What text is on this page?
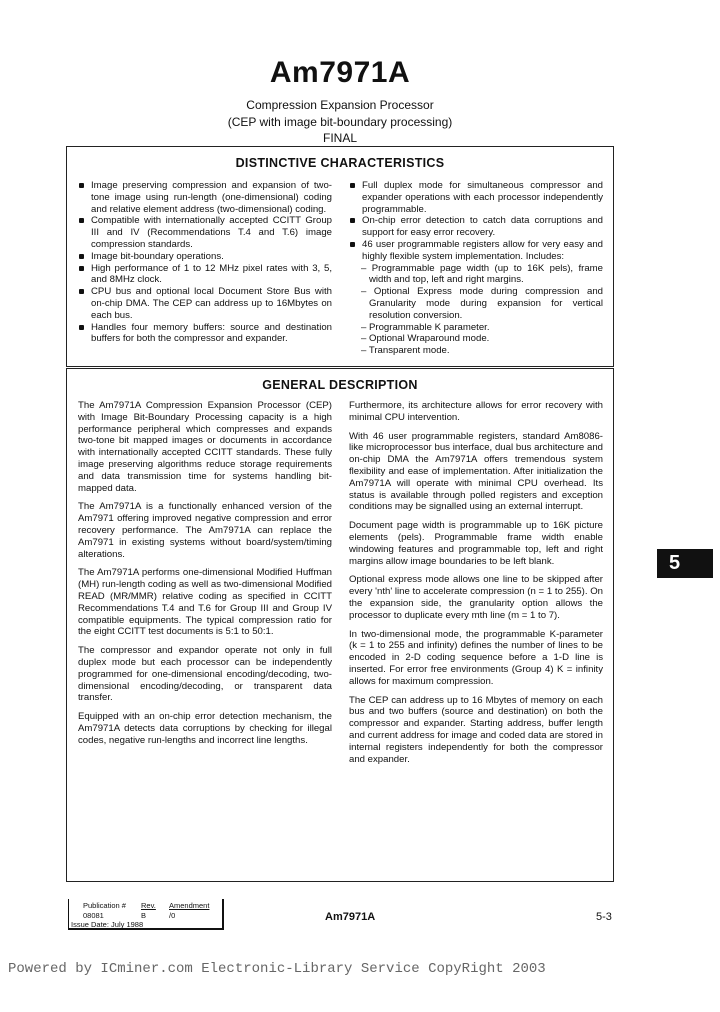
Am7971A
Compression Expansion Processor
(CEP with image bit-boundary processing)
FINAL
DISTINCTIVE CHARACTERISTICS
Image preserving compression and expansion of two-tone image using run-length (one-dimensional) coding and relative element address (two-dimensional) coding.
Compatible with internationally accepted CCITT Group III and IV (Recommendations T.4 and T.6) image compression standards.
Image bit-boundary operations.
High performance of 1 to 12 MHz pixel rates with 3, 5, and 8MHz clock.
CPU bus and optional local Document Store Bus with on-chip DMA. The CEP can address up to 16Mbytes on each bus.
Handles four memory buffers: source and destination buffers for both the compressor and expander.
Full duplex mode for simultaneous compressor and expander operations with each processor independently programmable.
On-chip error detection to catch data corruptions and support for easy error recovery.
46 user programmable registers allow for very easy and highly flexible system implementation. Includes:
– Programmable page width (up to 16K pels), frame width and top, left and right margins.
– Optional Express mode during compression and Granularity mode during expansion for vertical resolution conversion.
– Programmable K parameter.
– Optional Wraparound mode.
– Transparent mode.
GENERAL DESCRIPTION

The Am7971A Compression Expansion Processor (CEP) with Image Bit-Boundary Processing capacity is a high performance peripheral which compresses and expands two-tone bit mapped images or documents in accordance with internationally accepted CCITT standards. These fully image preserving algorithms reduce storage requirements and data transmission time for systems handling bit-mapped data.

The Am7971A is a functionally enhanced version of the Am7971 offering improved negative compression and error recovery performance. The Am7971A can replace the Am7971 in existing systems without board/system/timing alterations.

The Am7971A performs one-dimensional Modified Huffman (MH) run-length coding as well as two-dimensional Modified READ (MR/MMR) relative coding as specified in CCITT Recommendations T.4 and T.6 for Group III and Group IV compatible equipments. The typical compression ratio for the eight CCITT test documents is 5:1 to 50:1.

The compressor and expandor operate not only in full duplex mode but each processor can be independently programmed for one-dimensional encoding/decoding, two-dimensional encoding/decoding, or transparent data transfer.

Equipped with an on-chip error detection mechanism, the Am7971A detects data corruptions by checking for illegal codes, negative run-lengths and incorrect line lengths.

Furthermore, its architecture allows for error recovery with minimal CPU intervention.

With 46 user programmable registers, standard Am8086-like microprocessor bus interface, dual bus architecture and on-chip DMA the Am7971A offers tremendous system flexibility and ease of implementation. After initialization the Am7971A will operate with minimal CPU overhead. Its status is available through polled registers and exception conditions may be signalled using an external interrupt.

Document page width is programmable up to 16K picture elements (pels). Programmable frame width enable windowing features and programmable top, left and right margins allow image boundaries to be left blank.

Optional express mode allows one line to be skipped after every 'nth' line to accelerate compression (n = 1 to 255). On the expansion side, the granularity option allows the processor to duplicate every mth line (m = 1 to 7).

In two-dimensional mode, the programmable K-parameter (k = 1 to 255 and infinity) defines the number of lines to be encoded in 2-D coding sequence before a 1-D line is inserted. For error free environments (Group 4) K = infinity allows for maximum compression.

The CEP can address up to 16 Mbytes of memory on each bus and two buffers (source and destination) on both the compressor and expander. Starting address, buffer length and current address for image and coded data are stored in internal registers independently for both the compressor and expander.

5
Publication #	Rev.	Amendment
08081	B	/0
Issue Date: July 1988
Am7971A	5-3
Powered by ICminer.com Electronic-Library Service CopyRight 2003
